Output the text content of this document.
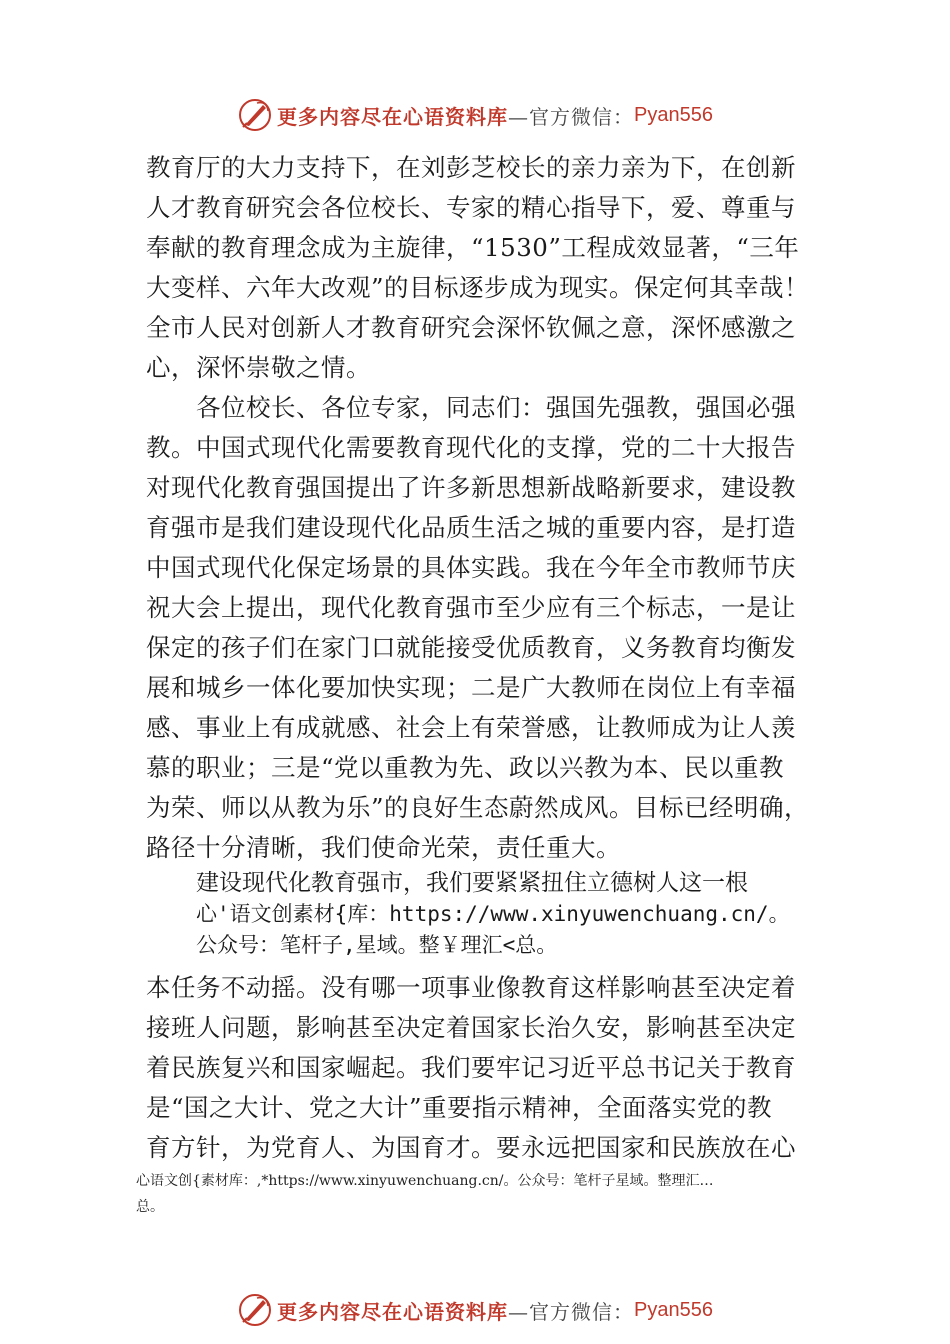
更多内容尽在心语资料库 —官方微信： Pyan556
教育厅的大力支持下，在刘彭芝校长的亲力亲为下，在创新
人才教育研究会各位校长、专家的精心指导下，爱、尊重与
奉献的教育理念成为主旋律，“1530”工程成效显著，“三年
大变样、六年大改观”的目标逐步成为现实。保定何其幸哉！
全市人民对创新人才教育研究会深怀钦佩之意，深怀感激之
心，深怀崇敬之情。
　　各位校长、各位专家，同志们：强国先强教，强国必强
教。中国式现代化需要教育现代化的支撑，党的二十大报告
对现代化教育强国提出了许多新思想新战略新要求，建设教
育强市是我们建设现代化品质生活之城的重要内容，是打造
中国式现代化保定场景的具体实践。我在今年全市教师节庆
祝大会上提出，现代化教育强市至少应有三个标志，一是让
保定的孩子们在家门口就能接受优质教育，义务教育均衡发
展和城乡一体化要加快实现；二是广大教师在岗位上有幸福
感、事业上有成就感、社会上有荣誉感，让教师成为让人羡
慕的职业；三是“党以重教为先、政以兴教为本、民以重教
为荣、师以从教为乐”的良好生态蔚然成风。目标已经明确，
路径十分清晰，我们使命光荣，责任重大。
建设现代化教育强市，我们要紧紧扭住立德树人这一根
心'语文创素材{库：https://www.xinyuwenchuang.cn/。
公众号：笔杆子,星域。整￥理汇<总。
本任务不动摇。没有哪一项事业像教育这样影响甚至决定着
接班人问题，影响甚至决定着国家长治久安，影响甚至决定
着民族复兴和国家崛起。我们要牢记习近平总书记关于教育
是“国之大计、党之大计”重要指示精神，全面落实党的教
育方针，为党育人、为国育才。要永远把国家和民族放在心
心语文创{素材库：,*https://www.xinyuwenchuang.cn/。公众号：笔杆子星域。整理汇…
总。
更多内容尽在心语资料库 —官方微信： Pyan556
